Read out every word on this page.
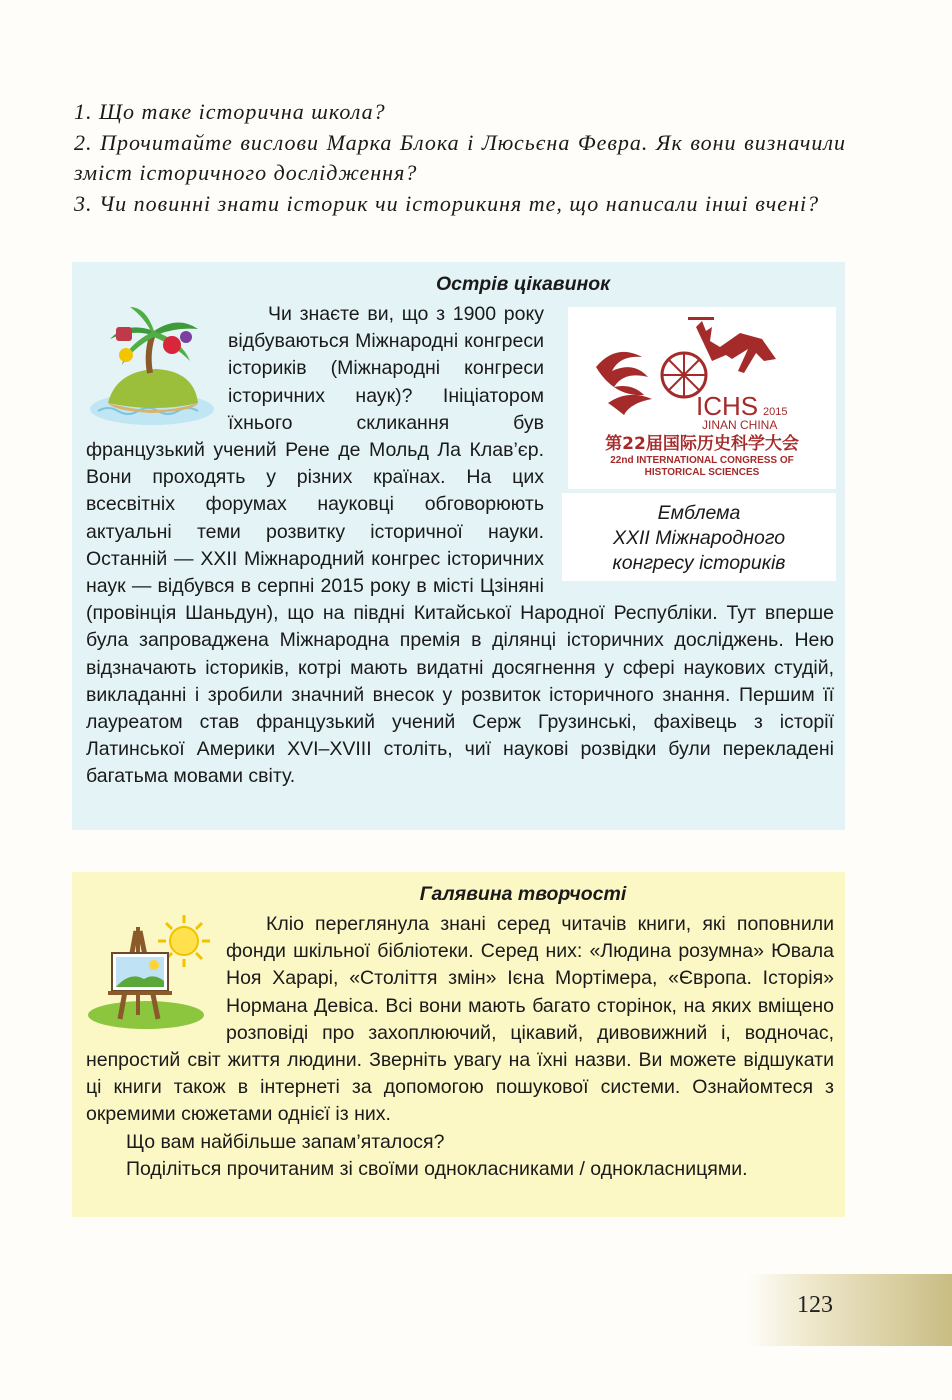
1. Що таке історична школа?

2. Прочитайте вислови Марка Блока і Люсьєна Февра. Як вони визначили зміст історичного дослідження?

3. Чи повинні знати історик чи історикиня те, що написали інші вчені?

Острів цікавинок

ICHS 2015
JINAN CHINA
第22届国际历史科学大会
22nd INTERNATIONAL CONGRESS OF
HISTORICAL SCIENCES
Емблема
XXII Міжнародного
конгресу істориків
Чи знаєте ви, що з 1900 року відбуваються Міжнародні конгреси істориків (Міжнародні конгреси історичних наук)? Ініціатором їхнього скликання був французький учений Рене де Мольд Ла Клав’єр. Вони проходять у різних країнах. На цих всесвітніх форумах науковці обговорюють актуальні теми розвитку історичної науки. Останній — XXII Міжнародний конгрес історичних наук — відбувся в серпні 2015 року в місті Цзіняні (провінція Шаньдун), що на півдні Китайської Народної Республіки. Тут вперше була запроваджена Міжнародна премія в ділянці історичних досліджень. Нею відзначають істориків, котрі мають видатні досягнення у сфері наукових студій, викладанні і зробили значний внесок у розвиток історичного знання. Першим її лауреатом став французький учений Серж Грузинські, фахівець з історії Латинської Америки XVI–XVIII століть, чиї наукові розвідки були перекладені багатьма мовами світу.

Галявина творчості

Кліо переглянула знані серед читачів книги, які поповнили фонди шкільної бібліотеки. Серед них: «Людина розумна» Ювала Ноя Харарі, «Століття змін» Ієна Мортімера, «Європа. Історія» Нормана Девіса. Всі вони мають багато сторінок, на яких вміщено розповіді про захоплюючий, цікавий, дивовижний і, водночас, непростий світ життя людини. Зверніть увагу на їхні назви. Ви можете відшукати ці книги також в інтернеті за допомогою пошукової системи. Ознайомтеся з окремими сюжетами однієї із них.

Що вам найбільше запам’яталося?

Поділіться прочитаним зі своїми однокласниками / однокласницями.

123
